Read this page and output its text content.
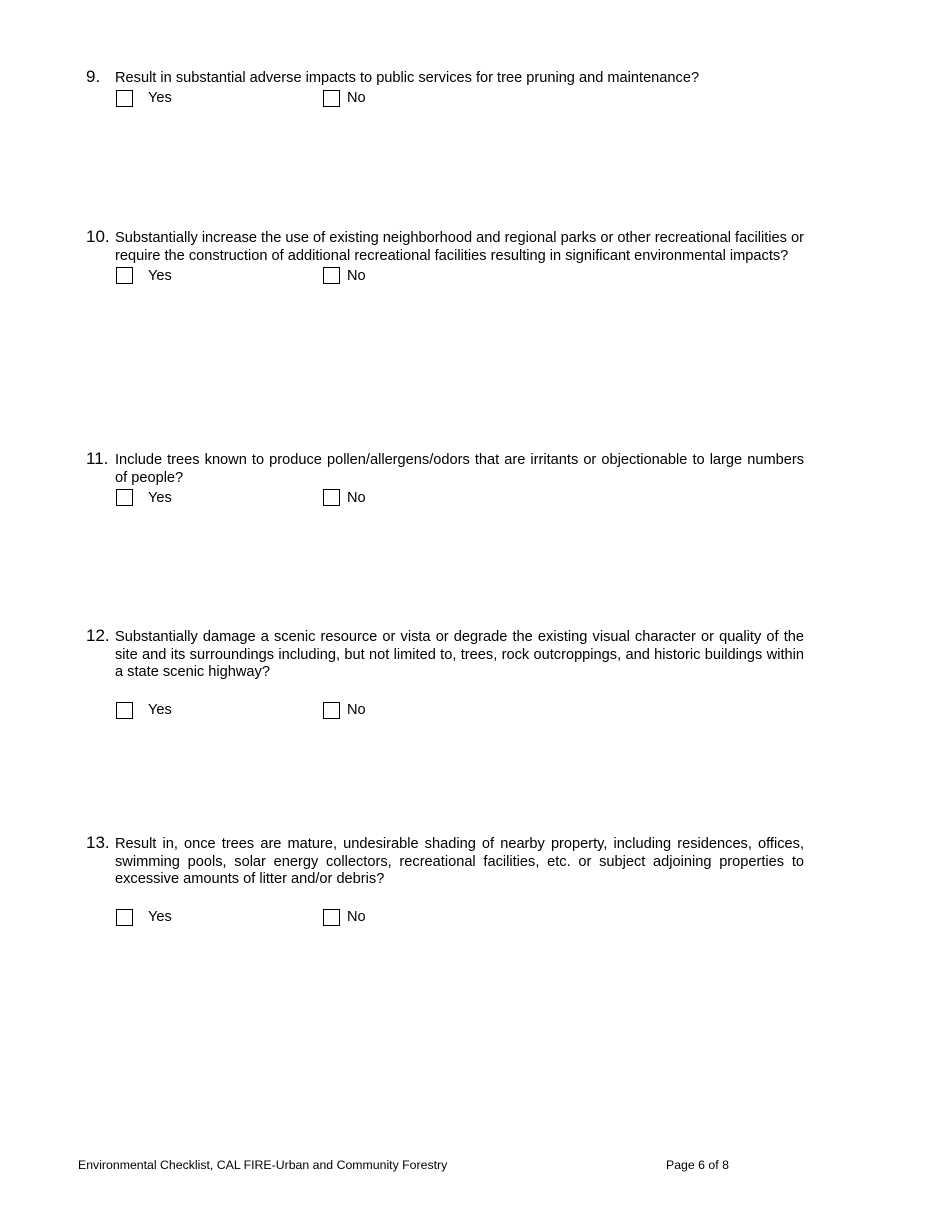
9. Result in substantial adverse impacts to public services for tree pruning and maintenance?
Yes	No
10. Substantially increase the use of existing neighborhood and regional parks or other recreational facilities or require the construction of additional recreational facilities resulting in significant environmental impacts?
Yes	No
11. Include trees known to produce pollen/allergens/odors that are irritants or objectionable to large numbers of people?
Yes	No
12. Substantially damage a scenic resource or vista or degrade the existing visual character or quality of the site and its surroundings including, but not limited to, trees, rock outcroppings, and historic buildings within a state scenic highway?
Yes	No
13. Result in, once trees are mature, undesirable shading of nearby property, including residences, offices, swimming pools, solar energy collectors, recreational facilities, etc. or subject adjoining properties to excessive amounts of litter and/or debris?
Yes	No
Environmental Checklist, CAL FIRE-Urban and Community Forestry	Page 6 of 8
